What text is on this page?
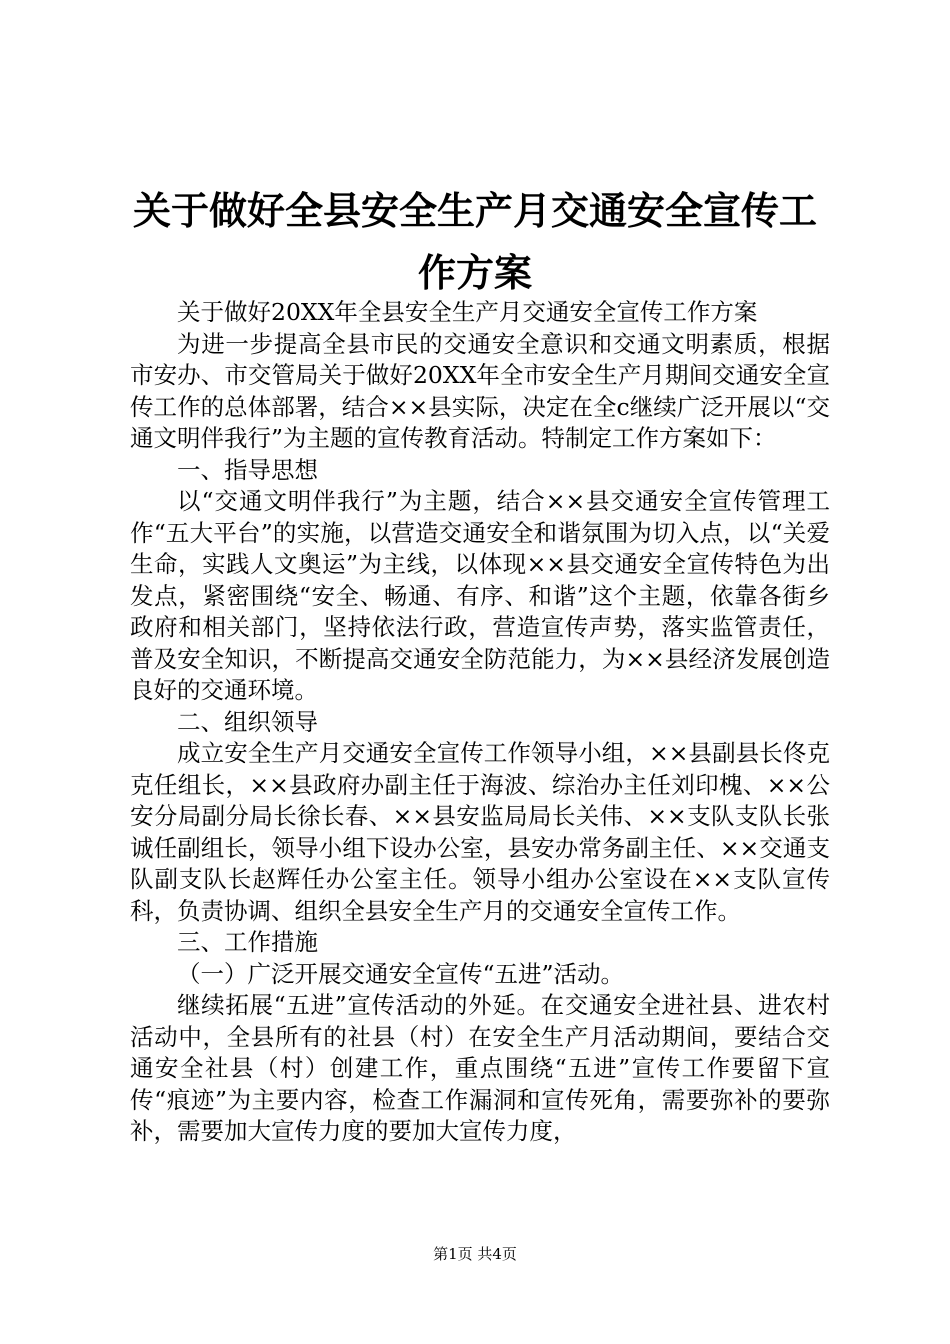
关于做好全县安全生产月交通安全宣传工作方案

关于做好20XX年全县安全生产月交通安全宣传工作方案

为进一步提高全县市民的交通安全意识和交通文明素质，根据市安办、市交管局关于做好20XX年全市安全生产月期间交通安全宣传工作的总体部署，结合××县实际，决定在全c继续广泛开展以“交通文明伴我行”为主题的宣传教育活动。特制定工作方案如下：

一、指导思想

以“交通文明伴我行”为主题，结合××县交通安全宣传管理工作“五大平台”的实施，以营造交通安全和谐氛围为切入点，以“关爱生命，实践人文奥运”为主线，以体现××县交通安全宣传特色为出发点，紧密围绕“安全、畅通、有序、和谐”这个主题，依靠各街乡政府和相关部门，坚持依法行政，营造宣传声势，落实监管责任，普及安全知识，不断提高交通安全防范能力，为××县经济发展创造良好的交通环境。

二、组织领导

成立安全生产月交通安全宣传工作领导小组，××县副县长佟克克任组长，××县政府办副主任于海波、综治办主任刘印槐、××公安分局副分局长徐长春、××县安监局局长关伟、××支队支队长张诚任副组长，领导小组下设办公室，县安办常务副主任、××交通支队副支队长赵辉任办公室主任。领导小组办公室设在××支队宣传科，负责协调、组织全县安全生产月的交通安全宣传工作。

三、工作措施

（一）广泛开展交通安全宣传“五进”活动。

继续拓展“五进”宣传活动的外延。在交通安全进社县、进农村活动中，全县所有的社县（村）在安全生产月活动期间，要结合交通安全社县（村）创建工作，重点围绕“五进”宣传工作要留下宣传“痕迹”为主要内容，检查工作漏洞和宣传死角，需要弥补的要弥补，需要加大宣传力度的要加大宣传力度，

第1页 共4页
